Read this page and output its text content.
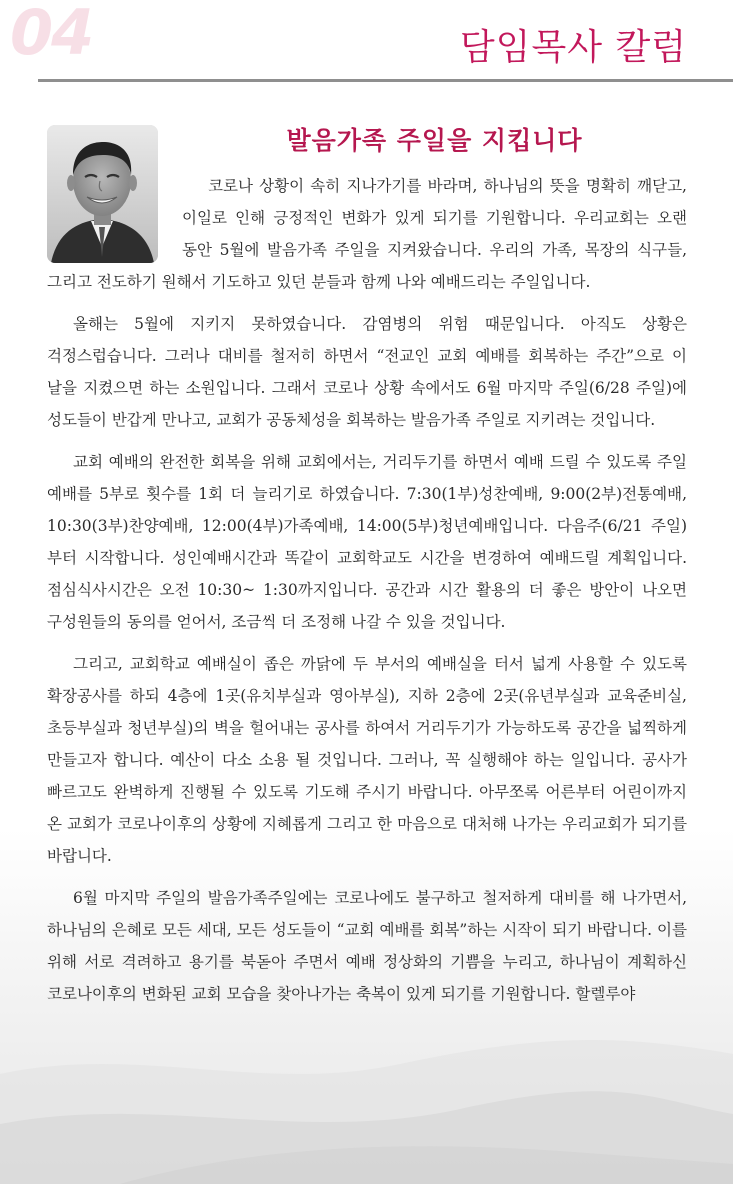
04	담임목사 칼럼
발음가족 주일을 지킵니다

코로나 상황이 속히 지나가기를 바라며, 하나님의 뜻을 명확히 깨닫고, 이일로 인해 긍정적인 변화가 있게 되기를 기원합니다. 우리교회는 오랜 동안 5월에 발음가족 주일을 지켜왔습니다. 우리의 가족, 목장의 식구들, 그리고 전도하기 원해서 기도하고 있던 분들과 함께 나와 예배드리는 주일입니다.

올해는 5월에 지키지 못하였습니다. 감염병의 위험 때문입니다. 아직도 상황은 걱정스럽습니다. 그러나 대비를 철저히 하면서 “전교인 교회 예배를 회복하는 주간”으로 이 날을 지켰으면 하는 소원입니다. 그래서 코로나 상황 속에서도 6월 마지막 주일(6/28 주일)에 성도들이 반갑게 만나고, 교회가 공동체성을 회복하는 발음가족 주일로 지키려는 것입니다.

교회 예배의 완전한 회복을 위해 교회에서는, 거리두기를 하면서 예배 드릴 수 있도록 주일 예배를 5부로 횟수를 1회 더 늘리기로 하였습니다. 7:30(1부)성찬예배, 9:00(2부)전통예배, 10:30(3부)찬양예배, 12:00(4부)가족예배, 14:00(5부)청년예배입니다. 다음주(6/21 주일)부터 시작합니다. 성인예배시간과 똑같이 교회학교도 시간을 변경하여 예배드릴 계획입니다. 점심식사시간은 오전 10:30~ 1:30까지입니다. 공간과 시간 활용의 더 좋은 방안이 나오면 구성원들의 동의를 얻어서, 조금씩 더 조정해 나갈 수 있을 것입니다.

그리고, 교회학교 예배실이 좁은 까닭에 두 부서의 예배실을 터서 넓게 사용할 수 있도록 확장공사를 하되 4층에 1곳(유치부실과 영아부실), 지하 2층에 2곳(유년부실과 교육준비실, 초등부실과 청년부실)의 벽을 헐어내는 공사를 하여서 거리두기가 가능하도록 공간을 넓찍하게 만들고자 합니다. 예산이 다소 소용 될 것입니다. 그러나, 꼭 실행해야 하는 일입니다. 공사가 빠르고도 완벽하게 진행될 수 있도록 기도해 주시기 바랍니다. 아무쪼록 어른부터 어린이까지 온 교회가 코로나이후의 상황에 지혜롭게 그리고 한 마음으로 대처해 나가는 우리교회가 되기를 바랍니다.

6월 마지막 주일의 발음가족주일에는 코로나에도 불구하고 철저하게 대비를 해 나가면서, 하나님의 은혜로 모든 세대, 모든 성도들이 “교회 예배를 회복”하는 시작이 되기 바랍니다. 이를 위해 서로 격려하고 용기를 북돋아 주면서 예배 정상화의 기쁨을 누리고, 하나님이 계획하신 코로나이후의 변화된 교회 모습을 찾아나가는 축복이 있게 되기를 기원합니다. 할렐루야
